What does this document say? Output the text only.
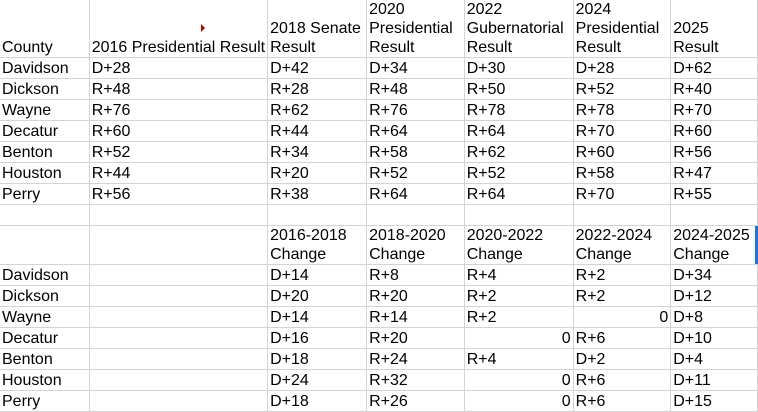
County	2016 Presidential Result	2018 Senate Result	2020 Presidential Result	2022 Gubernatorial Result	2024 Presidential Result	2025 Result
Davidson	D+28	D+42	D+34	D+30	D+28	D+62
Dickson	R+48	R+28	R+48	R+50	R+52	R+40
Wayne	R+76	R+62	R+76	R+78	R+78	R+70
Decatur	R+60	R+44	R+64	R+64	R+70	R+60
Benton	R+52	R+34	R+58	R+62	R+60	R+56
Houston	R+44	R+20	R+52	R+52	R+58	R+47
Perry	R+56	R+38	R+64	R+64	R+70	R+55

		2016-2018 Change	2018-2020 Change	2020-2022 Change	2022-2024 Change	2024-2025 Change
Davidson		D+14	R+8	R+4	R+2	D+34
Dickson		D+20	R+20	R+2	R+2	D+12
Wayne		D+14	R+14	R+2	0	D+8
Decatur		D+16	R+20	0	R+6	D+10
Benton		D+18	R+24	R+4	D+2	D+4
Houston		D+24	R+32	0	R+6	D+11
Perry		D+18	R+26	0	R+6	D+15
